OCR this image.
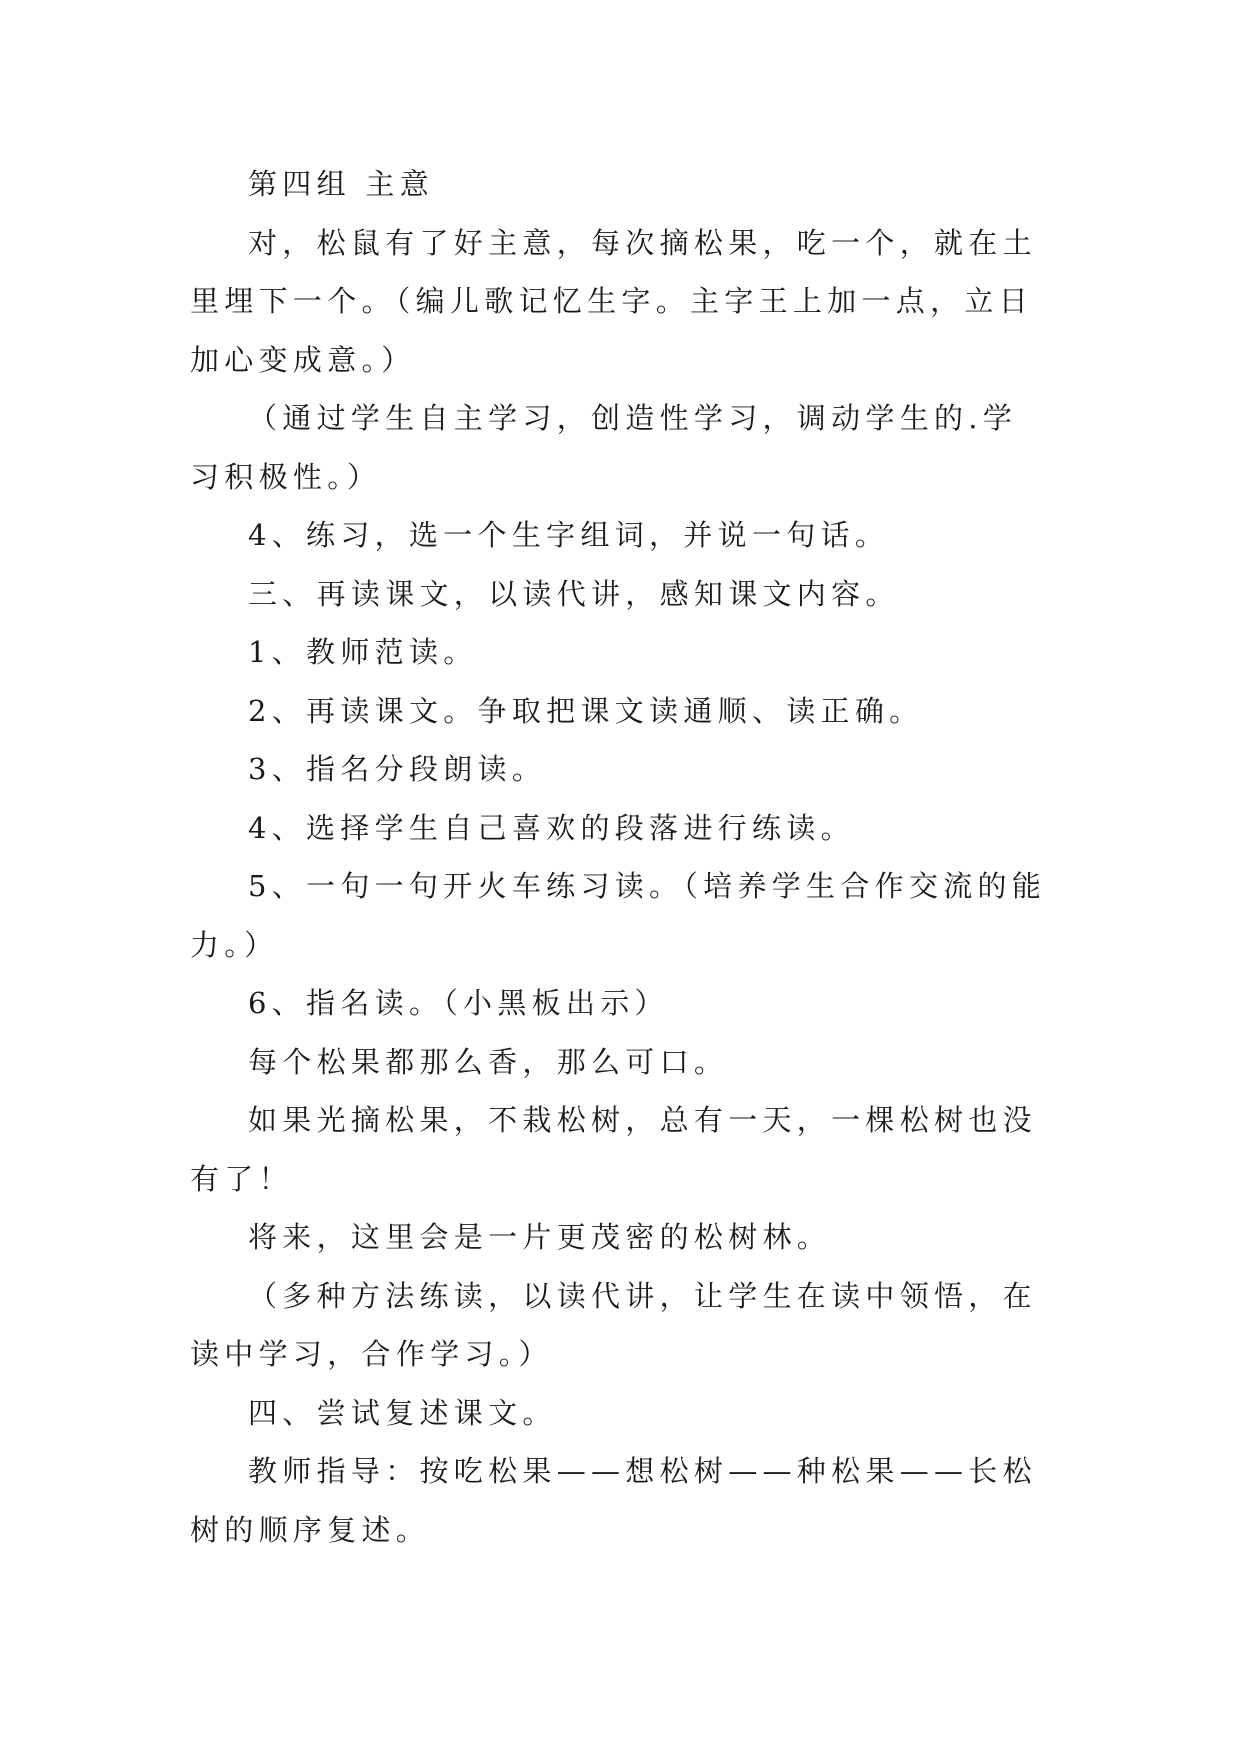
第四组 主意

对，松鼠有了好主意，每次摘松果，吃一个，就在土里埋下一个。（编儿歌记忆生字。主字王上加一点，立日加心变成意。）

（通过学生自主学习，创造性学习，调动学生的.学习积极性。）

4、练习，选一个生字组词，并说一句话。

三、再读课文，以读代讲，感知课文内容。

1、教师范读。

2、再读课文。争取把课文读通顺、读正确。

3、指名分段朗读。

4、选择学生自己喜欢的段落进行练读。

5、一句一句开火车练习读。（培养学生合作交流的能力。）

6、指名读。（小黑板出示）

每个松果都那么香，那么可口。

如果光摘松果，不栽松树，总有一天，一棵松树也没有了！

将来，这里会是一片更茂密的松树林。

（多种方法练读，以读代讲，让学生在读中领悟，在读中学习，合作学习。）

四、尝试复述课文。

教师指导：按吃松果——想松树——种松果——长松树的顺序复述。
